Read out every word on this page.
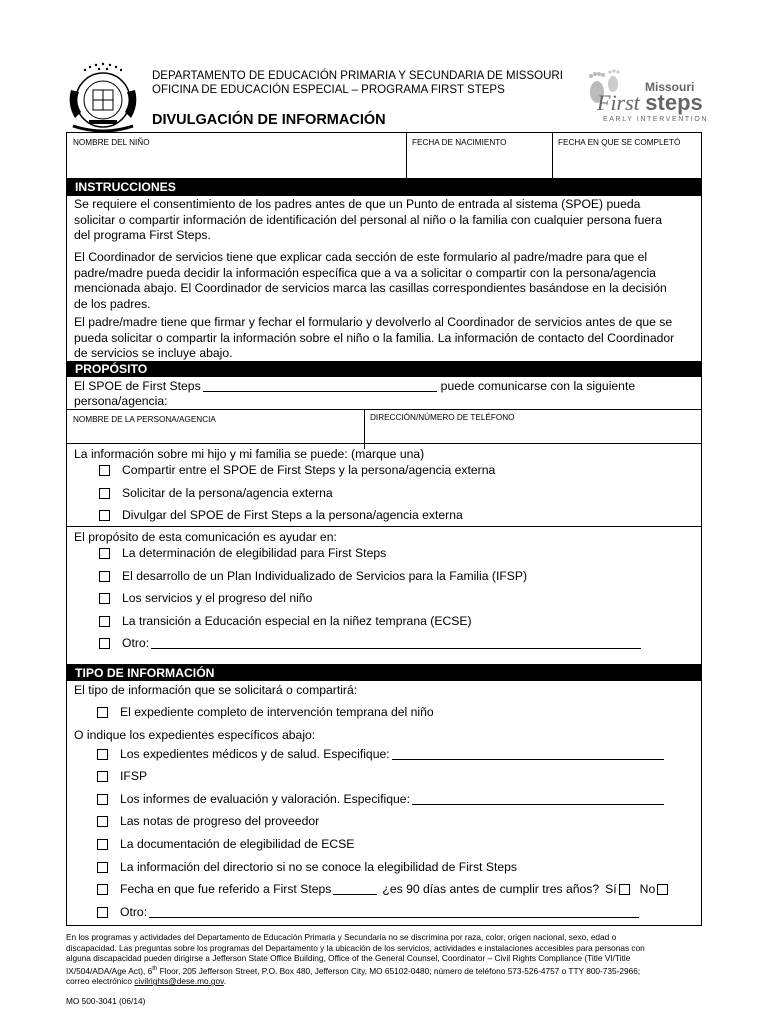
DEPARTAMENTO DE EDUCACIÓN PRIMARIA Y SECUNDARIA DE MISSOURI
OFICINA DE EDUCACIÓN ESPECIAL – PROGRAMA FIRST STEPS
DIVULGACIÓN DE INFORMACIÓN
Missouri
First steps
EARLY INTERVENTION
NOMBRE DEL NIÑO	FECHA DE NACIMIENTO	FECHA EN QUE SE COMPLETÓ
INSTRUCCIONES
Se requiere el consentimiento de los padres antes de que un Punto de entrada al sistema (SPOE) pueda
solicitar o compartir información de identificación del personal al niño o la familia con cualquier persona fuera
del programa First Steps.
El Coordinador de servicios tiene que explicar cada sección de este formulario al padre/madre para que el
padre/madre pueda decidir la información específica que a va a solicitar o compartir con la persona/agencia
mencionada abajo. El Coordinador de servicios marca las casillas correspondientes basándose en la decisión
de los padres.
El padre/madre tiene que firmar y fechar el formulario y devolverlo al Coordinador de servicios antes de que se
pueda solicitar o compartir la información sobre el niño o la familia. La información de contacto del Coordinador
de servicios se incluye abajo.
PROPÓSITO
El SPOE de First Steps	puede comunicarse con la siguiente
persona/agencia:
NOMBRE DE LA PERSONA/AGENCIA	DIRECCIÓN/NÚMERO DE TELÉFONO
La información sobre mi hijo y mi familia se puede: (marque una)
Compartir entre el SPOE de First Steps y la persona/agencia externa
Solicitar de la persona/agencia externa
Divulgar del SPOE de First Steps a la persona/agencia externa
El propósito de esta comunicación es ayudar en:
La determinación de elegibilidad para First Steps
El desarrollo de un Plan Individualizado de Servicios para la Familia (IFSP)
Los servicios y el progreso del niño
La transición a Educación especial en la niñez temprana (ECSE)
Otro:
TIPO DE INFORMACIÓN
El tipo de información que se solicitará o compartirá:
El expediente completo de intervención temprana del niño
O indique los expedientes específicos abajo:
Los expedientes médicos y de salud. Especifique:
IFSP
Los informes de evaluación y valoración. Especifique:
Las notas de progreso del proveedor
La documentación de elegibilidad de ECSE
La información del directorio si no se conoce la elegibilidad de First Steps
Fecha en que fue referido a First Steps	¿es 90 días antes de cumplir tres años? Sí No
Otro:
En los programas y actividades del Departamento de Educación Primaria y Secundaria no se discrimina por raza, color, origen nacional, sexo, edad o
discapacidad. Las preguntas sobre los programas del Departamento y la ubicación de los servicios, actividades e instalaciones accesibles para personas con
alguna discapacidad pueden dirigirse a Jefferson State Office Building, Office of the General Counsel, Coordinator – Civil Rights Compliance (Title VI/Title
IX/504/ADA/Age Act), 6th Floor, 205 Jefferson Street, P.O. Box 480, Jefferson City, MO 65102-0480; número de teléfono 573-526-4757 o TTY 800-735-2966;
correo electrónico civilrights@dese.mo.gov.
MO 500-3041 (06/14)
